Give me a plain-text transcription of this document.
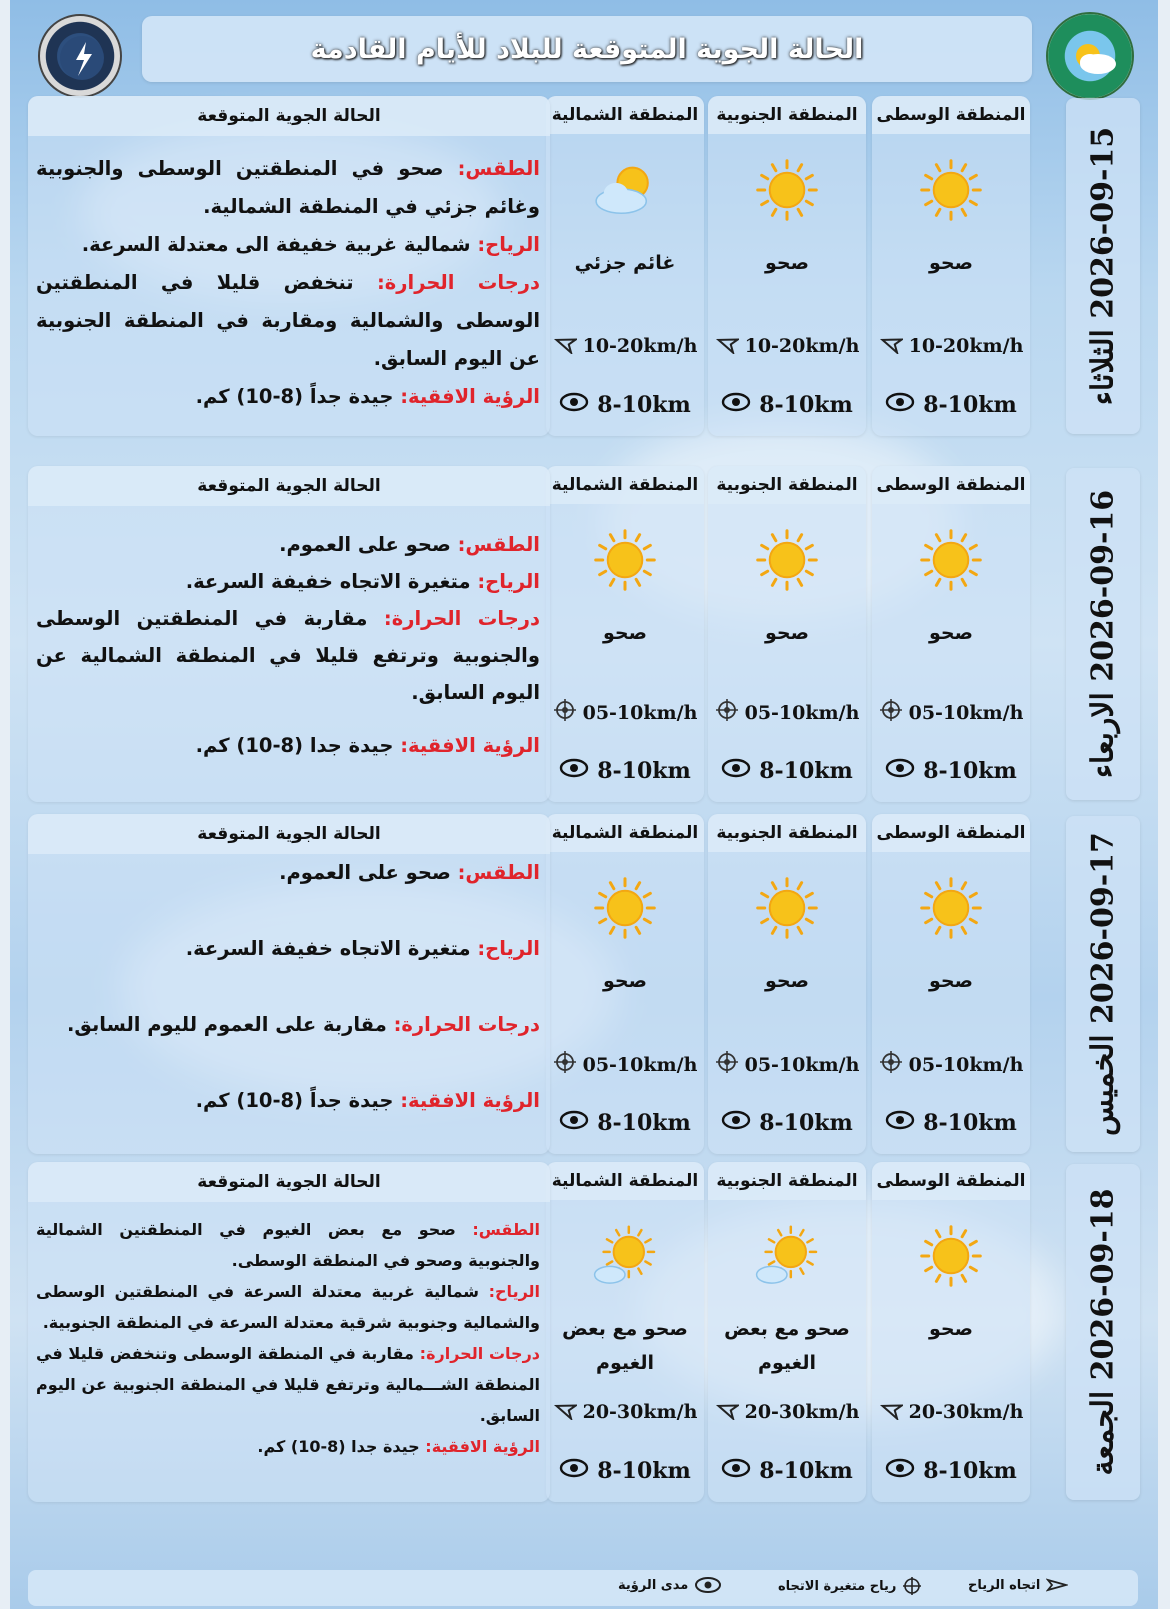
الحالة الجوية المتوقعة للبلاد للأيام القادمة
2026-09-15 الثلاثاء
المنطقة الوسطى
صحو
10-20km/h
8-10km
المنطقة الجنوبية
صحو
10-20km/h
8-10km
المنطقة الشمالية
غائم جزئي
10-20km/h
8-10km
الحالة الجوية المتوقعة
الطقس: صحو في المنطقتين الوسطى والجنوبية وغائم جزئي في المنطقة الشمالية.
الرياح: شمالية غربية خفيفة الى معتدلة السرعة.
درجات الحرارة: تنخفض قليلا في المنطقتين الوسطى والشمالية ومقاربة في المنطقة الجنوبية عن اليوم السابق.
الرؤية الافقية: جيدة جداً (8-10) كم.
2026-09-16 الاربعاء
المنطقة الوسطى
صحو
05-10km/h
8-10km
المنطقة الجنوبية
صحو
05-10km/h
8-10km
المنطقة الشمالية
صحو
05-10km/h
8-10km
الحالة الجوية المتوقعة
الطقس: صحو على العموم.
الرياح: متغيرة الاتجاه خفيفة السرعة.
درجات الحرارة: مقاربة في المنطقتين الوسطى والجنوبية وترتفع قليلا في المنطقة الشمالية عن اليوم السابق.
الرؤية الافقية: جيدة جدا (8-10) كم.
2026-09-17 الخميس
المنطقة الوسطى
صحو
05-10km/h
8-10km
المنطقة الجنوبية
صحو
05-10km/h
8-10km
المنطقة الشمالية
صحو
05-10km/h
8-10km
الحالة الجوية المتوقعة
الطقس: صحو على العموم.
الرياح: متغيرة الاتجاه خفيفة السرعة.
درجات الحرارة: مقاربة على العموم لليوم السابق.
الرؤية الافقية: جيدة جداً (8-10) كم.
2026-09-18 الجمعة
المنطقة الوسطى
صحو
20-30km/h
8-10km
المنطقة الجنوبية
صحو مع بعض الغيوم
20-30km/h
8-10km
المنطقة الشمالية
صحو مع بعض الغيوم
20-30km/h
8-10km
الحالة الجوية المتوقعة
الطقس: صحو مع بعض الغيوم في المنطقتين الشمالية والجنوبية وصحو في المنطقة الوسطى.
الرياح: شمالية غربية معتدلة السرعة في المنطقتين الوسطى والشمالية وجنوبية شرقية معتدلة السرعة في المنطقة الجنوبية.
درجات الحرارة: مقاربة في المنطقة الوسطى وتنخفض قليلا في المنطقة الشـــمالية وترتفع قليلا في المنطقة الجنوبية عن اليوم السابق.
الرؤية الافقية: جيدة جدا (8-10) كم.
اتجاه الرياح
رياح متغيرة الاتجاه
مدى الرؤية
